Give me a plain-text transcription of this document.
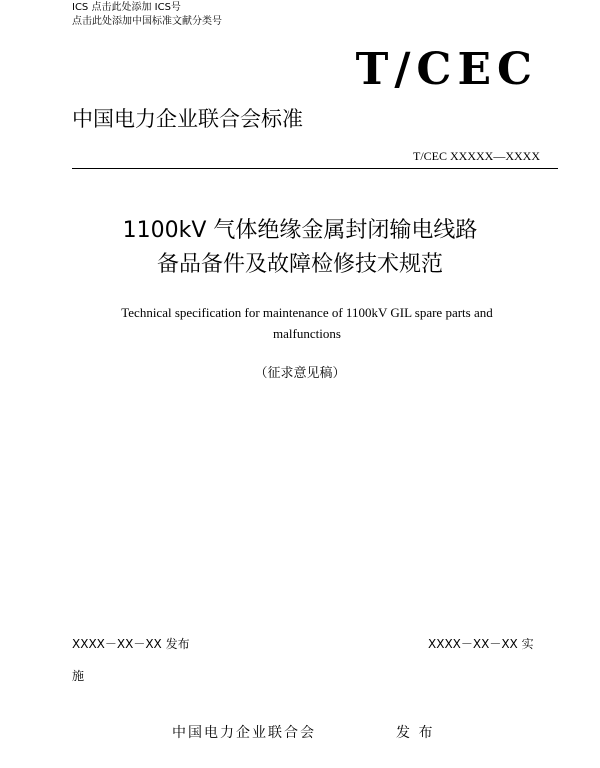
ICS 点击此处添加 ICS号
点击此处添加中国标准文献分类号
T/CEC
中国电力企业联合会标准
T/CEC XXXXX—XXXX
1100kV 气体绝缘金属封闭输电线路
备品备件及故障检修技术规范
Technical specification for maintenance of 1100kV GIL spare parts and
malfunctions
（征求意见稿）
XXXX－XX－XX 发布	XXXX－XX－XX 实
施
中国电力企业联合会	发 布
